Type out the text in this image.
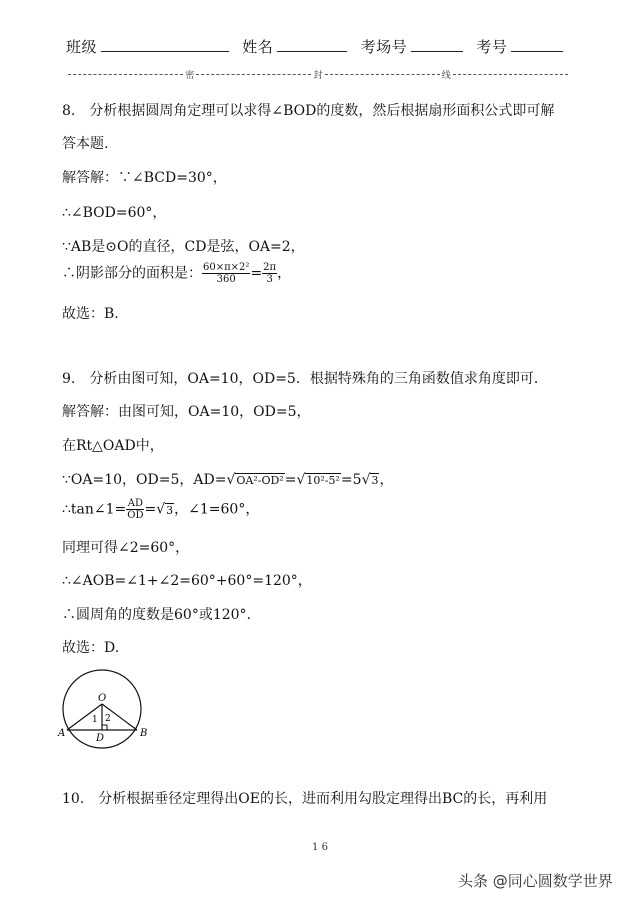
班级	姓名	考场号	考号
密	封	线
8.　分析根据圆周角定理可以求得∠BOD的度数，然后根据扇形面积公式即可解
答本题.
解答解：∵∠BCD=30°，
∴∠BOD=60°，
∵AB是⊙O的直径，CD是弦，OA=2，
∴阴影部分的面积是： $\frac{\text{60×π×2²}}{360} = \frac{2\pi}{3}$ ，
故选：B.
9.　分析由图可知，OA=10，OD=5．根据特殊角的三角函数值求角度即可．
解答解：由图可知，OA=10，OD=5，
在Rt△OAD中，
∵OA=10，OD=5，AD=√OA²-OD²=√10²-5²=5√3，
∴tan∠1= $\frac{AD}{OD} =√3$，∠1=60°，
同理可得∠2=60°，
∴∠AOB=∠1+∠2=60°+60°=120°，
∴圆周角的度数是60°或120°.
故选：D.
O
1 2
A	B
D
10.　分析根据垂径定理得出OE的长，进而利用勾股定理得出BC的长，再利用
1 6
头条 @同心圆数学世界
